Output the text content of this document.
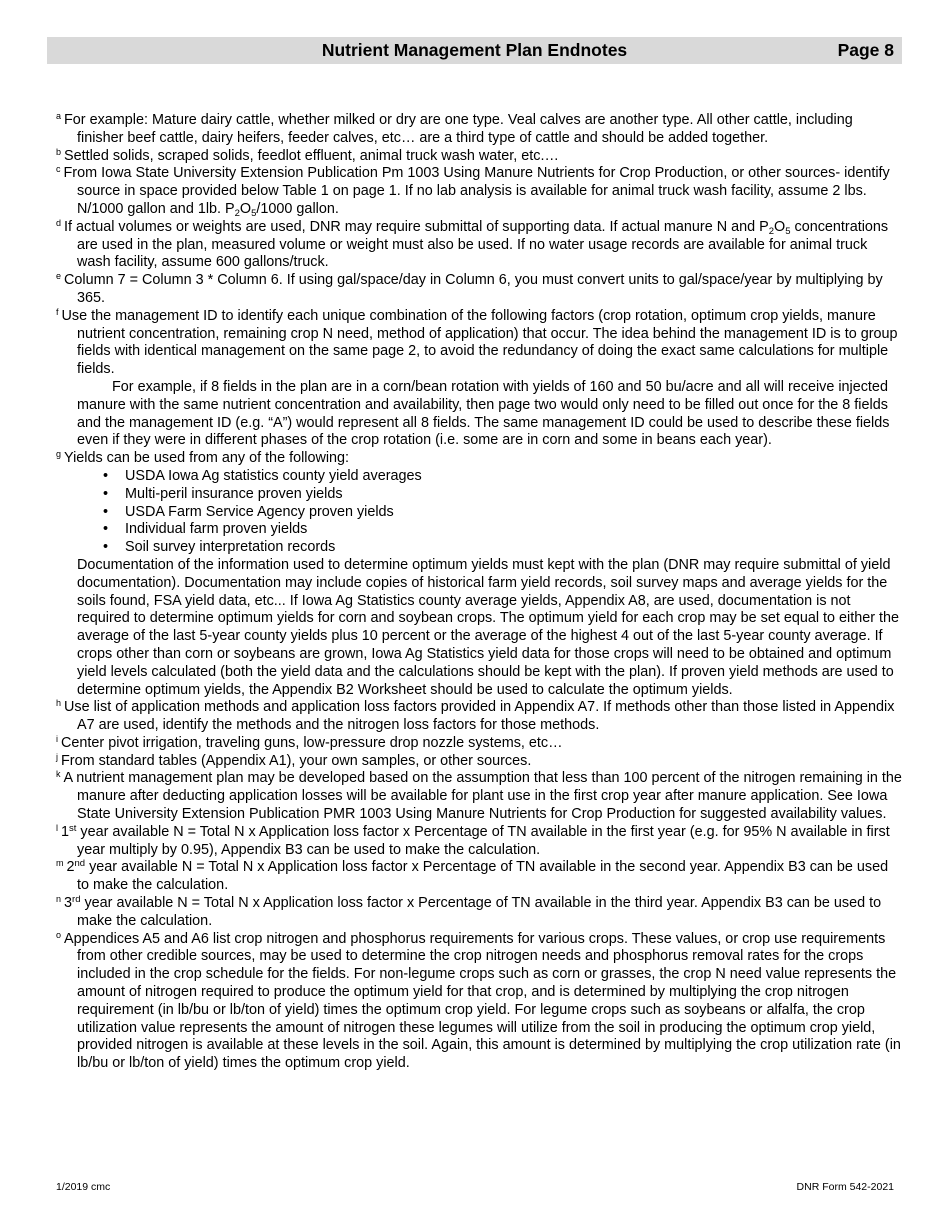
Nutrient Management Plan Endnotes	Page 8

$^a$ For example: Mature dairy cattle, whether milked or dry are one type. Veal calves are another type. All other cattle, including finisher beef cattle, dairy heifers, feeder calves, etc… are a third type of cattle and should be added together.

$^b$ Settled solids, scraped solids, feedlot effluent, animal truck wash water, etc.…

$^c$ From Iowa State University Extension Publication Pm 1003 Using Manure Nutrients for Crop Production, or other sources- identify source in space provided below Table 1 on page 1. If no lab analysis is available for animal truck wash facility, assume 2 lbs. N/1000 gallon and 1lb. $P_2O_5/1000$ gallon.

$^d$ If actual volumes or weights are used, DNR may require submittal of supporting data. If actual manure N and $P_2O_5$ concentrations are used in the plan, measured volume or weight must also be used. If no water usage records are available for animal truck wash facility, assume 600 gallons/truck.

$^e$ Column 7 = Column 3 * Column 6. If using gal/space/day in Column 6, you must convert units to gal/space/year by multiplying by 365.

$^f$ Use the management ID to identify each unique combination of the following factors (crop rotation, optimum crop yields, manure nutrient concentration, remaining crop N need, method of application) that occur. The idea behind the management ID is to group fields with identical management on the same page 2, to avoid the redundancy of doing the exact same calculations for multiple fields.

For example, if 8 fields in the plan are in a corn/bean rotation with yields of 160 and 50 bu/acre and all will receive injected manure with the same nutrient concentration and availability, then page two would only need to be filled out once for the 8 fields and the management ID (e.g. “A”) would represent all 8 fields. The same management ID could be used to describe these fields even if they were in different phases of the crop rotation (i.e. some are in corn and some in beans each year).

$^g$ Yields can be used from any of the following:

• USDA Iowa Ag statistics county yield averages
• Multi-peril insurance proven yields
• USDA Farm Service Agency proven yields
• Individual farm proven yields
• Soil survey interpretation records

Documentation of the information used to determine optimum yields must kept with the plan (DNR may require submittal of yield documentation). Documentation may include copies of historical farm yield records, soil survey maps and average yields for the soils found, FSA yield data, etc... If Iowa Ag Statistics county average yields, Appendix A8, are used, documentation is not required to determine optimum yields for corn and soybean crops. The optimum yield for each crop may be set equal to either the average of the last 5-year county yields plus 10 percent or the average of the highest 4 out of the last 5-year county average. If crops other than corn or soybeans are grown, Iowa Ag Statistics yield data for those crops will need to be obtained and optimum yield levels calculated (both the yield data and the calculations should be kept with the plan). If proven yield methods are used to determine optimum yields, the Appendix B2 Worksheet should be used to calculate the optimum yields.

$^h$ Use list of application methods and application loss factors provided in Appendix A7. If methods other than those listed in Appendix A7 are used, identify the methods and the nitrogen loss factors for those methods.

$^i$ Center pivot irrigation, traveling guns, low-pressure drop nozzle systems, etc…

$^j$ From standard tables (Appendix A1), your own samples, or other sources.

$^k$ A nutrient management plan may be developed based on the assumption that less than 100 percent of the nitrogen remaining in the manure after deducting application losses will be available for plant use in the first crop year after manure application. See Iowa State University Extension Publication PMR 1003 Using Manure Nutrients for Crop Production for suggested availability values.

$^l$ 1st year available N = Total N x Application loss factor x Percentage of TN available in the first year (e.g. for 95% N available in first year multiply by 0.95), Appendix B3 can be used to make the calculation.

$^m$ 2nd year available N = Total N x Application loss factor x Percentage of TN available in the second year. Appendix B3 can be used to make the calculation.

$^n$ 3rd year available N = Total N x Application loss factor x Percentage of TN available in the third year. Appendix B3 can be used to make the calculation.

$^o$ Appendices A5 and A6 list crop nitrogen and phosphorus requirements for various crops. These values, or crop use requirements from other credible sources, may be used to determine the crop nitrogen needs and phosphorus removal rates for the crops included in the crop schedule for the fields. For non-legume crops such as corn or grasses, the crop N need value represents the amount of nitrogen required to produce the optimum yield for that crop, and is determined by multiplying the crop nitrogen requirement (in lb/bu or lb/ton of yield) times the optimum crop yield. For legume crops such as soybeans or alfalfa, the crop utilization value represents the amount of nitrogen these legumes will utilize from the soil in producing the optimum crop yield, provided nitrogen is available at these levels in the soil. Again, this amount is determined by multiplying the crop utilization rate (in lb/bu or lb/ton of yield) times the optimum crop yield.

1/2019 cmc	DNR Form 542-2021
